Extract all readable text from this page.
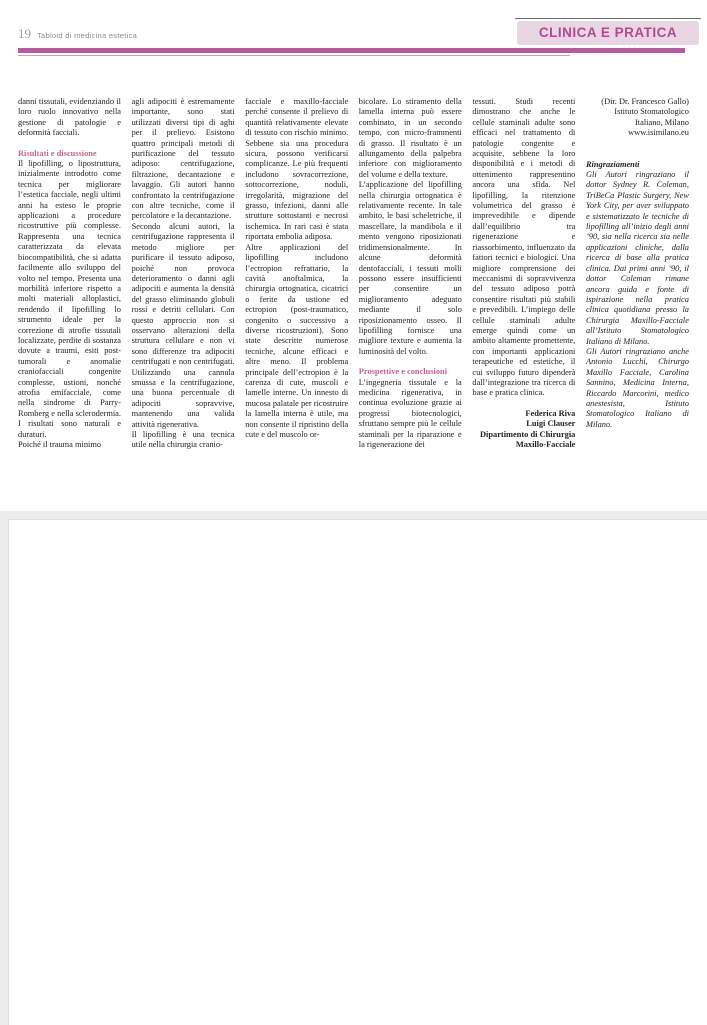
19 Tabloid di medicina estetica	CLINICA E PRATICA

danni tissutali, evidenziando il loro ruolo innovativo nella gestione di patologie e deformità facciali.

Risultati e discussione

Il lipofilling, o lipostruttura, inizialmente introdotto come tecnica per migliorare l’estetica facciale, negli ultimi anni ha esteso le proprie applicazioni a procedure ricostruttive più complesse. Rappresenta una tecnica caratterizzata da elevata biocompatibilità, che si adatta facilmente allo sviluppo del volto nel tempo. Presenta una morbilità inferiore rispetto a molti materiali alloplastici, rendendo il lipofilling lo strumento ideale per la correzione di atrofie tissutali localizzate, perdite di sostanza dovute a traumi, esiti post-tumorali e anomalie craniofacciali congenite complesse, ustioni, nonché atrofia emifacciale, come nella sindrome di Parry-Romberg e nella sclerodermia. I risultati sono naturali e duraturi.

Poiché il trauma minimo

agli adipociti è estremamente importante, sono stati utilizzati diversi tipi di aghi per il prelievo. Esistono quattro principali metodi di purificazione del tessuto adiposo: centrifugazione, filtrazione, decantazione e lavaggio. Gli autori hanno confrontato la centrifugazione con altre tecniche, come il percolatore e la decantazione.

Secondo alcuni autori, la centrifugazione rappresenta il metodo migliore per purificare il tessuto adiposo, poiché non provoca deterioramento o danni agli adipociti e aumenta la densità del grasso eliminando globuli rossi e detriti cellulari. Con questo approccio non si osservano alterazioni della struttura cellulare e non vi sono differenze tra adipociti centrifugati e non centrifugati. Utilizzando una cannula smussa e la centrifugazione, una buona percentuale di adipociti sopravvive, mantenendo una valida attività rigenerativa.

Il lipofilling è una tecnica utile nella chirurgia cranio-

facciale e maxillo-facciale perché consente il prelievo di quantità relativamente elevate di tessuto con rischio minimo. Sebbene sia una procedura sicura, possono verificarsi complicanze. Le più frequenti includono sovracorrezione, sottocorrezione, noduli, irregolarità, migrazione del grasso, infezioni, danni alle strutture sottostanti e necrosi ischemica. In rari casi è stata riportata embolia adiposa.

Altre applicazioni del lipofilling includono l’ectropion refrattario, la cavità anoftalmica, la chirurgia ortognatica, cicatrici o ferite da ustione ed ectropion (post-traumatico, congenito o successivo a diverse ricostruzioni). Sono state descritte numerose tecniche, alcune efficaci e altre meno. Il problema principale dell’ectropion è la carenza di cute, muscoli e lamelle interne. Un innesto di mucosa palatale per ricostruire la lamella interna è utile, ma non consente il ripristino della cute e del muscolo or-

bicolare. Lo stiramento della lamella interna può essere combinato, in un secondo tempo, con micro-frammenti di grasso. Il risultato è un allungamento della palpebra inferiore con miglioramento del volume e della texture.

L’applicazione del lipofilling nella chirurgia ortognatica è relativamente recente. In tale ambito, le basi scheletriche, il mascellare, la mandibola e il mento vengono riposizionati tridimensionalmente. In alcune deformità dentofacciali, i tessuti molli possono essere insufficienti per consentire un miglioramento adeguato mediante il solo riposizionamento osseo. Il lipofilling fornisce una migliore texture e aumenta la luminosità del volto.

Prospettive e conclusioni

L’ingegneria tissutale e la medicina rigenerativa, in continua evoluzione grazie ai progressi biotecnologici, sfruttano sempre più le cellule staminali per la riparazione e la rigenerazione dei

tessuti. Studi recenti dimostrano che anche le cellule staminali adulte sono efficaci nel trattamento di patologie congenite e acquisite, sebbene la loro disponibilità e i metodi di ottenimento rappresentino ancora una sfida. Nel lipofilling, la ritenzione volumetrica del grasso è imprevedibile e dipende dall’equilibrio tra rigenerazione e riassorbimento, influenzato da fattori tecnici e biologici. Una migliore comprensione dei meccanismi di sopravvivenza del tessuto adiposo potrà consentire risultati più stabili e prevedibili. L’impiego delle cellule staminali adulte emerge quindi come un ambito altamente promettente, con importanti applicazioni terapeutiche ed estetiche, il cui sviluppo futuro dipenderà dall’integrazione tra ricerca di base e pratica clinica.

Federica Riva
Luigi Clauser
Dipartimento di Chirurgia
Maxillo-Facciale
(Dir. Dr. Francesco Gallo)
Istituto Stomatologico
Italiano, Milano
www.isimilano.eu
Ringraziamenti

Gli Autori ringraziano il dottor Sydney R. Coleman, TriBeCa Plastic Surgery, New York City, per aver sviluppato e sistematizzato le tecniche di lipofilling all’inizio degli anni ’90, sia nella ricerca sia nelle applicazioni cliniche, dalla ricerca di base alla pratica clinica. Dai primi anni ’90, il dottor Coleman rimane ancora guida e fonte di ispirazione nella pratica clinica quotidiana presso la Chirurgia Maxillo-Facciale all’Istituto Stomatologico Italiano di Milano.

Gli Autori ringraziano anche Antonio Lucchi, Chirurgo Maxillo Facciale, Carolina Sannino, Medicina Interna, Riccardo Marcorini, medico anestesista, Istituto Stomatologico Italiano di Milano.
